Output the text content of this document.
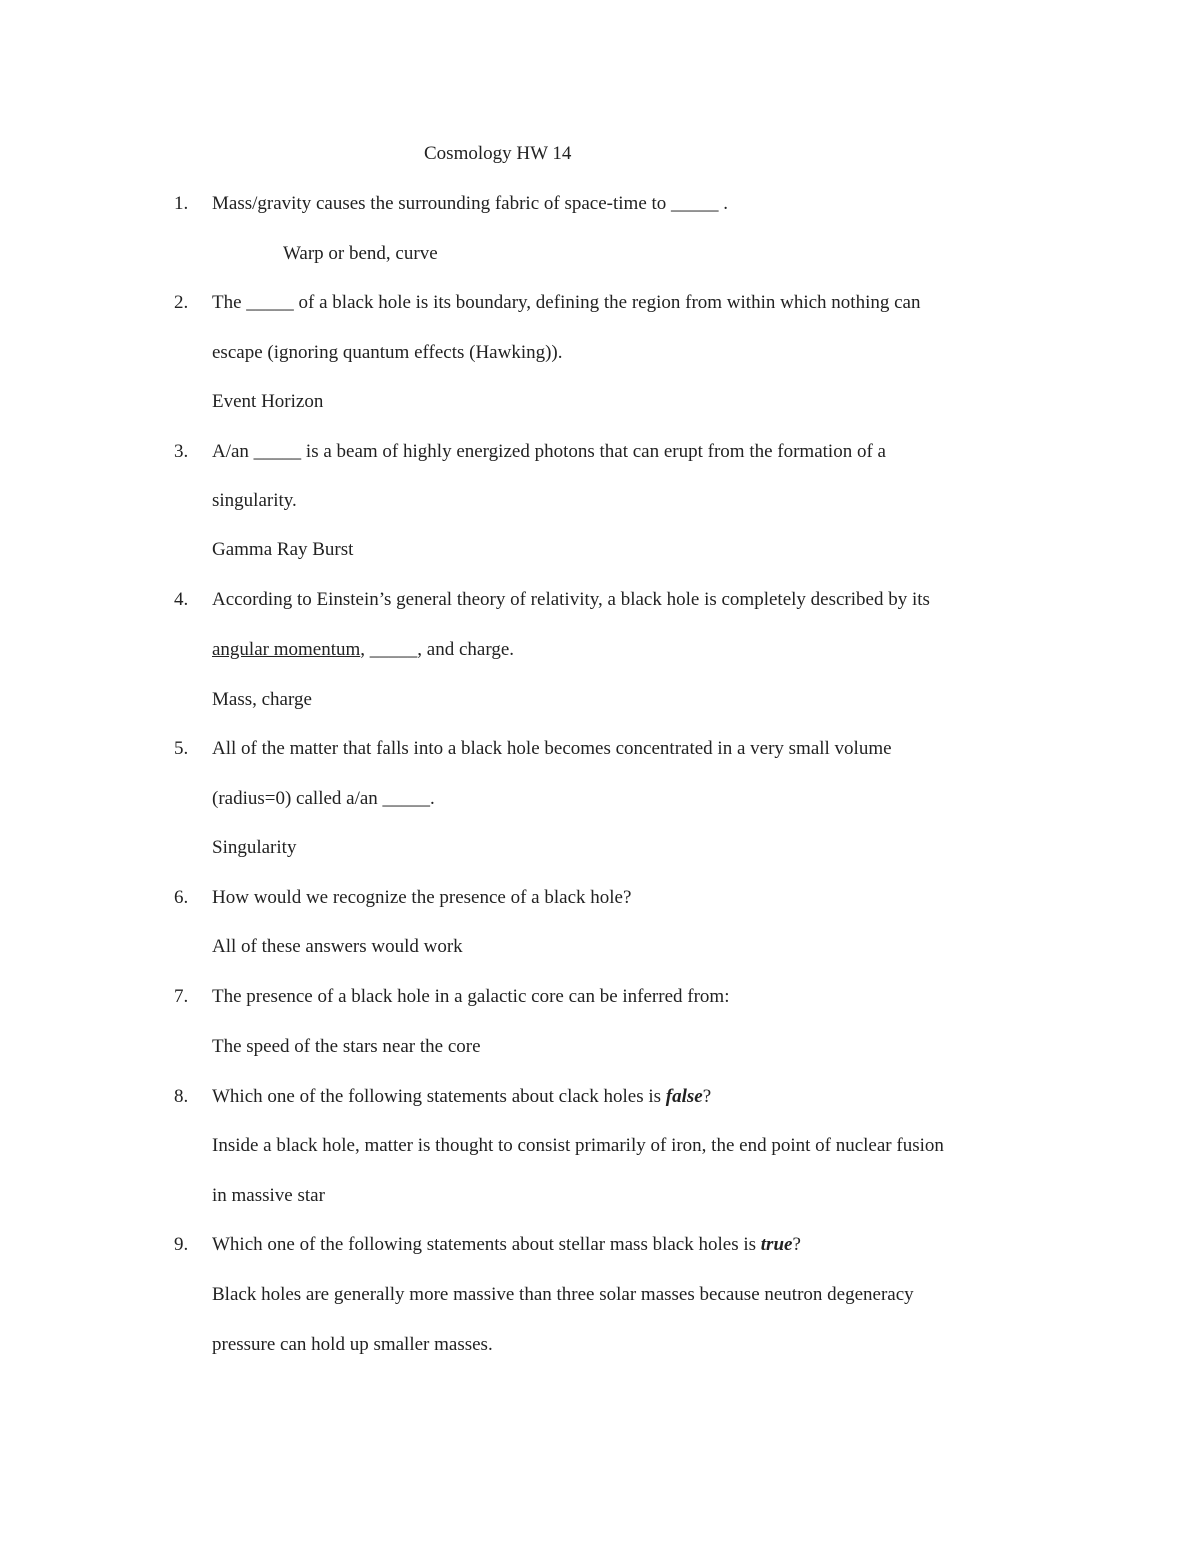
Cosmology HW 14
1. Mass/gravity causes the surrounding fabric of space-time to _____ .
Warp or bend, curve
2. The _____ of a black hole is its boundary, defining the region from within which nothing can
escape (ignoring quantum effects (Hawking)).
Event Horizon
3. A/an _____ is a beam of highly energized photons that can erupt from the formation of a
singularity.
Gamma Ray Burst
4. According to Einstein’s general theory of relativity, a black hole is completely described by its
angular momentum, _____, and charge.
Mass, charge
5. All of the matter that falls into a black hole becomes concentrated in a very small volume
(radius=0) called a/an _____.
Singularity
6. How would we recognize the presence of a black hole?
All of these answers would work
7. The presence of a black hole in a galactic core can be inferred from:
The speed of the stars near the core
8. Which one of the following statements about clack holes is false?
Inside a black hole, matter is thought to consist primarily of iron, the end point of nuclear fusion
in massive star
9. Which one of the following statements about stellar mass black holes is true?
Black holes are generally more massive than three solar masses because neutron degeneracy
pressure can hold up smaller masses.
